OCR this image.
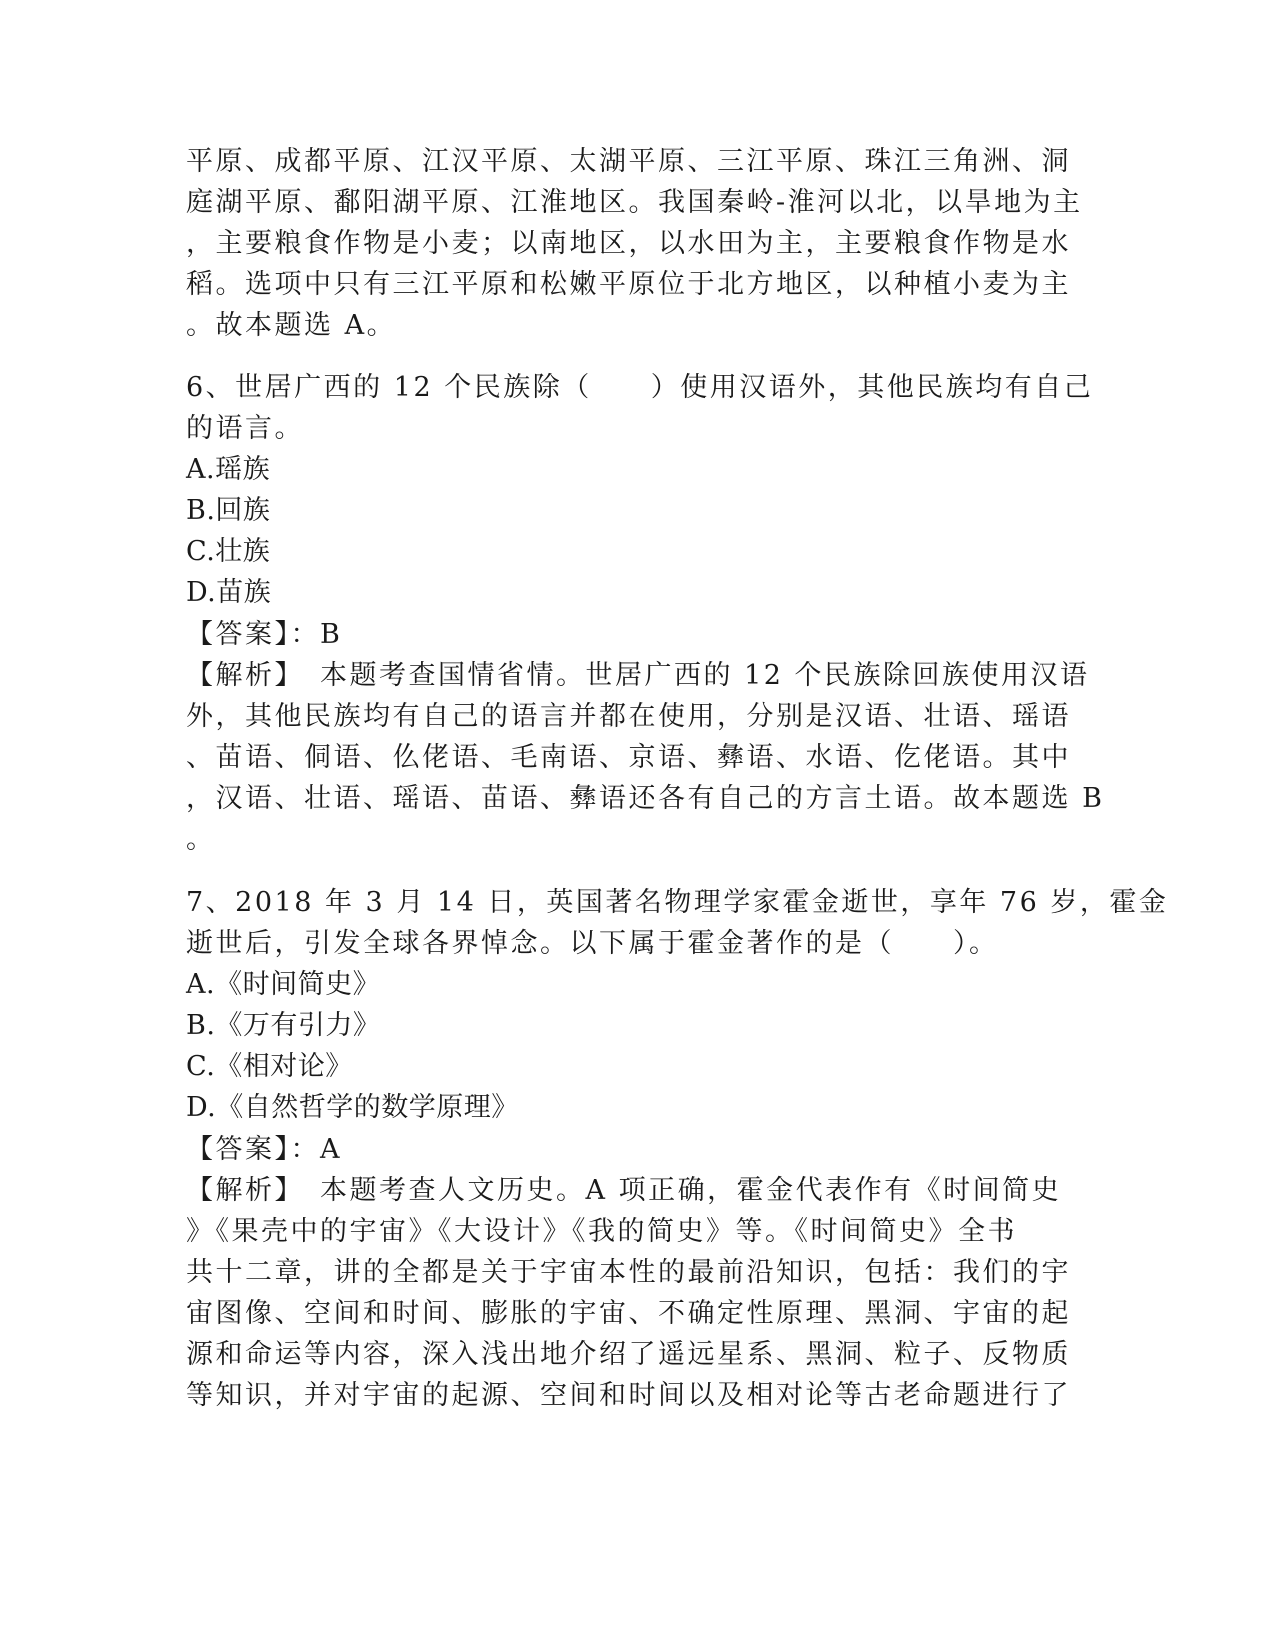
平原、成都平原、江汉平原、太湖平原、三江平原、珠江三角洲、洞

庭湖平原、鄱阳湖平原、江淮地区。我国秦岭-淮河以北，以旱地为主

，主要粮食作物是小麦；以南地区，以水田为主，主要粮食作物是水

稻。选项中只有三江平原和松嫩平原位于北方地区，以种植小麦为主

。故本题选 A。

6、世居广西的 12 个民族除（　　）使用汉语外，其他民族均有自己

的语言。

A.瑶族

B.回族

C.壮族

D.苗族

【答案】：B

【解析】　本题考查国情省情。世居广西的 12 个民族除回族使用汉语

外，其他民族均有自己的语言并都在使用，分别是汉语、壮语、瑶语

、苗语、侗语、仫佬语、毛南语、京语、彝语、水语、仡佬语。其中

，汉语、壮语、瑶语、苗语、彝语还各有自己的方言土语。故本题选 B

。

7、2018 年 3 月 14 日，英国著名物理学家霍金逝世，享年 76 岁，霍金

逝世后，引发全球各界悼念。以下属于霍金著作的是（　　）。

A.《时间简史》

B.《万有引力》

C.《相对论》

D.《自然哲学的数学原理》

【答案】：A

【解析】　本题考查人文历史。A 项正确，霍金代表作有《时间简史

》《果壳中的宇宙》《大设计》《我的简史》等。《时间简史》全书

共十二章，讲的全都是关于宇宙本性的最前沿知识，包括：我们的宇

宙图像、空间和时间、膨胀的宇宙、不确定性原理、黑洞、宇宙的起

源和命运等内容，深入浅出地介绍了遥远星系、黑洞、粒子、反物质

等知识，并对宇宙的起源、空间和时间以及相对论等古老命题进行了
